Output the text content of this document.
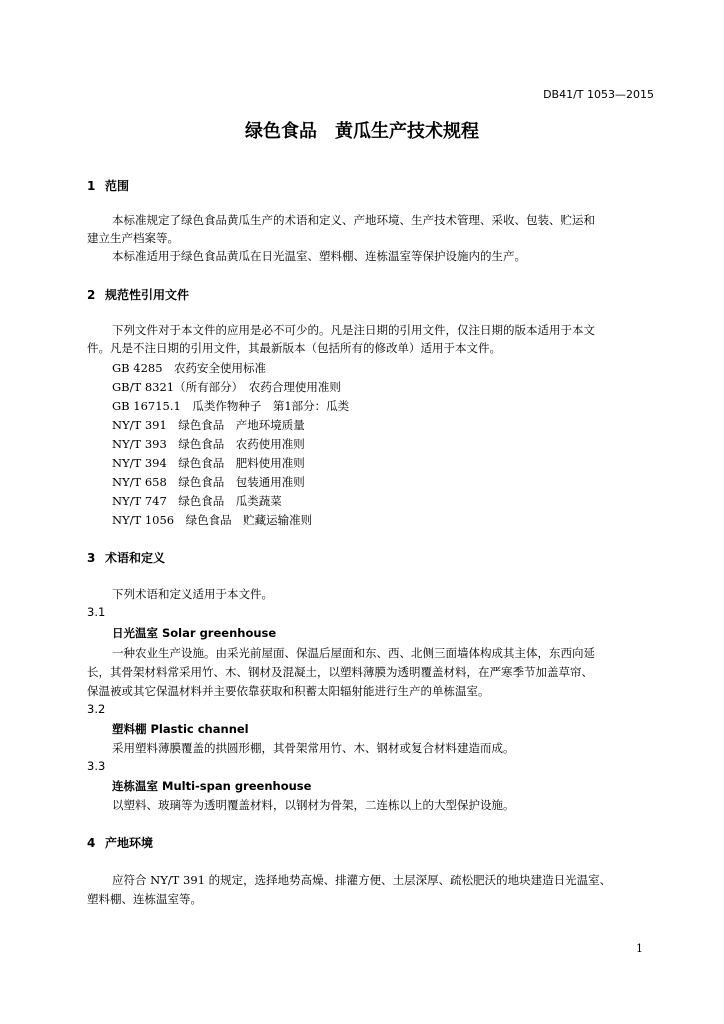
DB41/T 1053—2015
绿色食品　黄瓜生产技术规程
1 范围
本标准规定了绿色食品黄瓜生产的术语和定义、产地环境、生产技术管理、采收、包装、贮运和
建立生产档案等。
本标准适用于绿色食品黄瓜在日光温室、塑料棚、连栋温室等保护设施内的生产。
2 规范性引用文件
下列文件对于本文件的应用是必不可少的。凡是注日期的引用文件，仅注日期的版本适用于本文
件。凡是不注日期的引用文件，其最新版本（包括所有的修改单）适用于本文件。
GB 4285　农药安全使用标准
GB/T 8321（所有部分）　农药合理使用准则
GB 16715.1　瓜类作物种子　第1部分：瓜类
NY/T 391　绿色食品　产地环境质量
NY/T 393　绿色食品　农药使用准则
NY/T 394　绿色食品　肥料使用准则
NY/T 658　绿色食品　包装通用准则
NY/T 747　绿色食品　瓜类蔬菜
NY/T 1056　绿色食品　贮藏运输准则
3 术语和定义
下列术语和定义适用于本文件。
3.1
日光温室 Solar greenhouse
一种农业生产设施。由采光前屋面、保温后屋面和东、西、北侧三面墙体构成其主体，东西向延
长，其骨架材料常采用竹、木、钢材及混凝土，以塑料薄膜为透明覆盖材料，在严寒季节加盖草帘、
保温被或其它保温材料并主要依靠获取和积蓄太阳辐射能进行生产的单栋温室。
3.2
塑料棚 Plastic channel
采用塑料薄膜覆盖的拱圆形棚，其骨架常用竹、木、钢材或复合材料建造而成。
3.3
连栋温室 Multi-span greenhouse
以塑料、玻璃等为透明覆盖材料，以钢材为骨架，二连栋以上的大型保护设施。
4 产地环境
应符合 NY/T 391 的规定，选择地势高燥、排灌方便、土层深厚、疏松肥沃的地块建造日光温室、
塑料棚、连栋温室等。
1
